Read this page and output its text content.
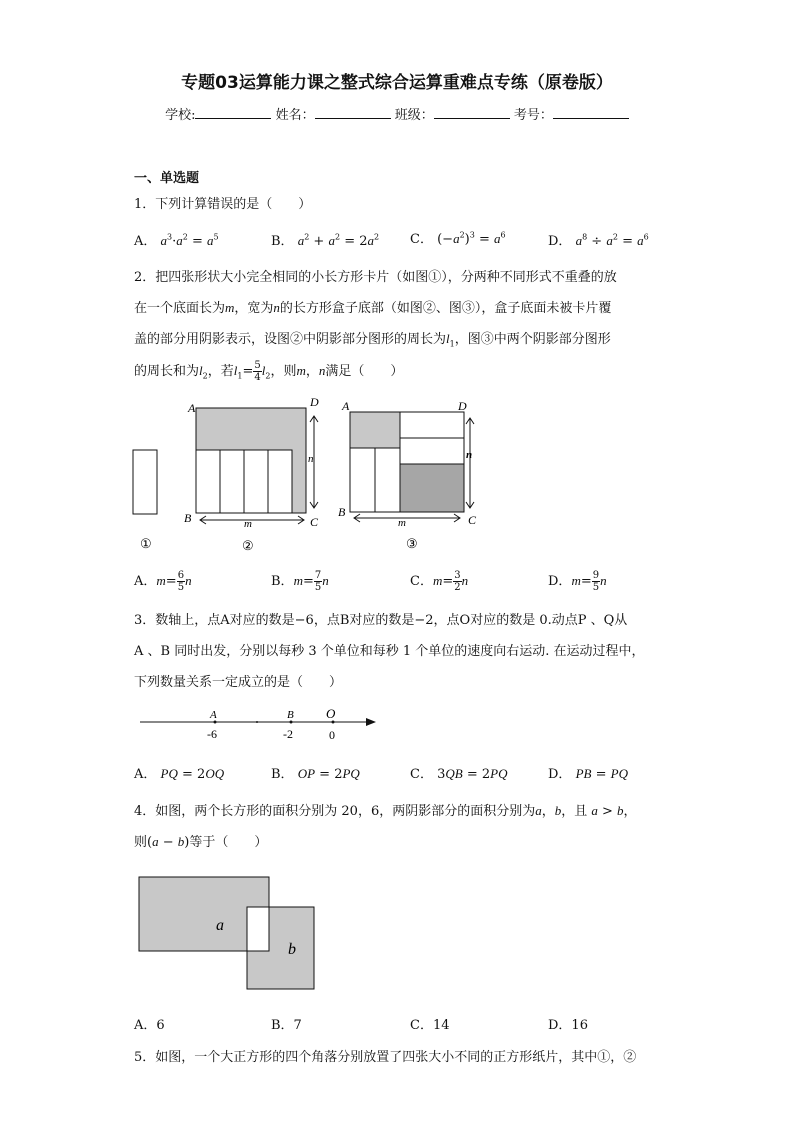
专题03运算能力课之整式综合运算重难点专练（原卷版）
学校:	姓名：	班级：	考号：
一、单选题
1．下列计算错误的是（　　）
A． $a^3\cdot a^2 = a^5$	B． $a^2 + a^2 = 2a^2$ C． $(-a^2)^3 = a^6$	D． $a^8 \div a^2 = a^6$
2．把四张形状大小完全相同的小长方形卡片（如图①），分两种不同形式不重叠的放
在一个底面长为m，宽为n的长方形盒子底部（如图②、图③），盒子底面未被卡片覆
盖的部分用阴影表示，设图②中阴影部分图形的周长为$l_1$，图③中两个阴影部分图形
的周长和为$l_2$，若$l_1= \frac{5}{4} l_2$，则m，n满足（　　）
A	D
B	C
n
m
A	D
B
C
n
m
①	②	③
A．$m= \frac{6}{5}$ n	B．$m= \frac{7}{5}$ n	C．$m= \frac{3}{2}$ n	D．$m= \frac{9}{5}$ n
3．数轴上，点A对应的数是−6，点B对应的数是−2，点O对应的数是 0.动点P 、Q从
A 、B 同时出发，分别以每秒 3 个单位和每秒 1 个单位的速度向右运动. 在运动过程中，
下列数量关系一定成立的是（　　）
A	B O
-6	-2	0
A． PQ = 2OQ	B． OP = 2PQ	C． 3QB = 2PQ	D． PB = PQ
4．如图，两个长方形的面积分别为 20，6，两阴影部分的面积分别为a，b，且 a > b，
则(a − b)等于（　　）
a
b
A．6	B．7	C．14	D．16
5．如图，一个大正方形的四个角落分别放置了四张大小不同的正方形纸片，其中①，②
